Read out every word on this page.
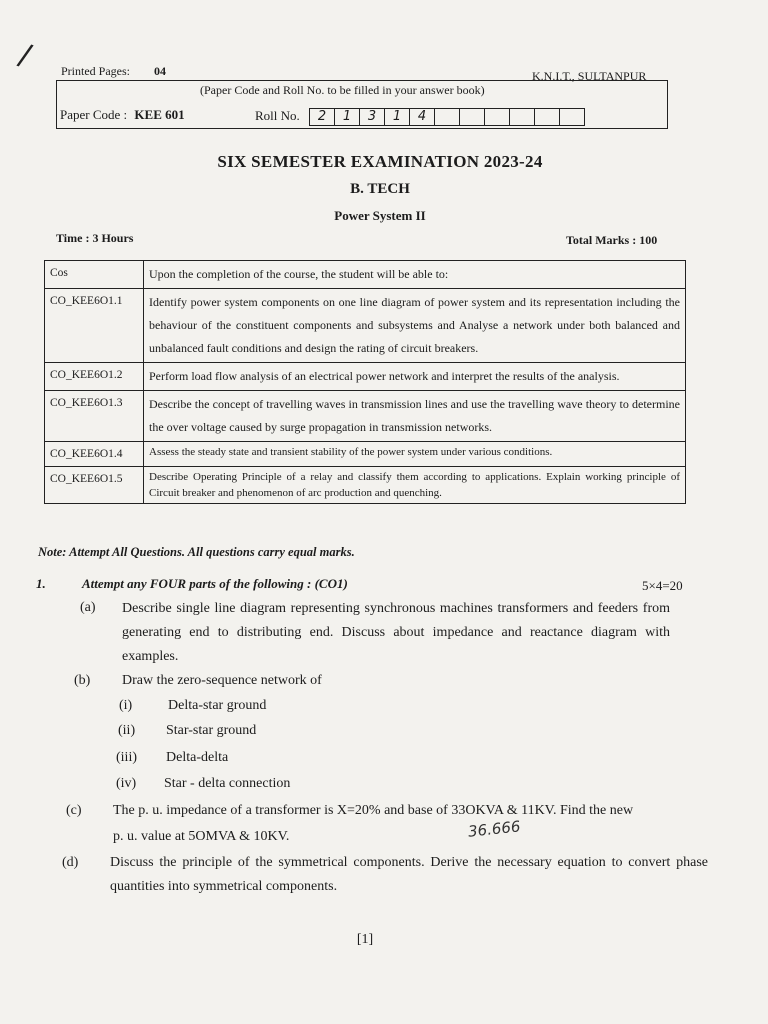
/ Printed Pages: 04	K.N.I.T., SULTANPUR
(Paper Code and Roll No. to be filled in your answer book)
Paper Code : KEE 601	Roll No.	2	1	3	1	4
SIX SEMESTER EXAMINATION 2023-24
B. TECH
Power System II
Time : 3 Hours	Total Marks : 100
Cos	Upon the completion of the course, the student will be able to:
CO_KEE6O1.1	Identify power system components on one line diagram of power system and its representation including the behaviour of the constituent components and subsystems and Analyse a network under both balanced and unbalanced fault conditions and design the rating of circuit breakers.
CO_KEE6O1.2	Perform load flow analysis of an electrical power network and interpret the results of the analysis.
CO_KEE6O1.3	Describe the concept of travelling waves in transmission lines and use the travelling wave theory to determine the over voltage caused by surge propagation in transmission networks.
CO_KEE6O1.4	Assess the steady state and transient stability of the power system under various conditions.
CO_KEE6O1.5	Describe Operating Principle of a relay and classify them according to applications. Explain working principle of Circuit breaker and phenomenon of arc production and quenching.
Note: Attempt All Questions. All questions carry equal marks.
1.	Attempt any FOUR parts of the following : (CO1)	5×4=20
(a) Describe single line diagram representing synchronous machines transformers and feeders from generating end to distributing end. Discuss about impedance and reactance diagram with examples.
(b) Draw the zero-sequence network of
(i)	Delta-star ground
(ii) Star-star ground
(iii) Delta-delta
(iv) Star - delta connection
(c) The p. u. impedance of a transformer is X=20% and base of 33OKVA & 11KV. Find the new
p. u. value at 5OMVA & 10KV.	36.666
(d) Discuss the principle of the symmetrical components. Derive the necessary equation to convert phase quantities into symmetrical components.
[1]
